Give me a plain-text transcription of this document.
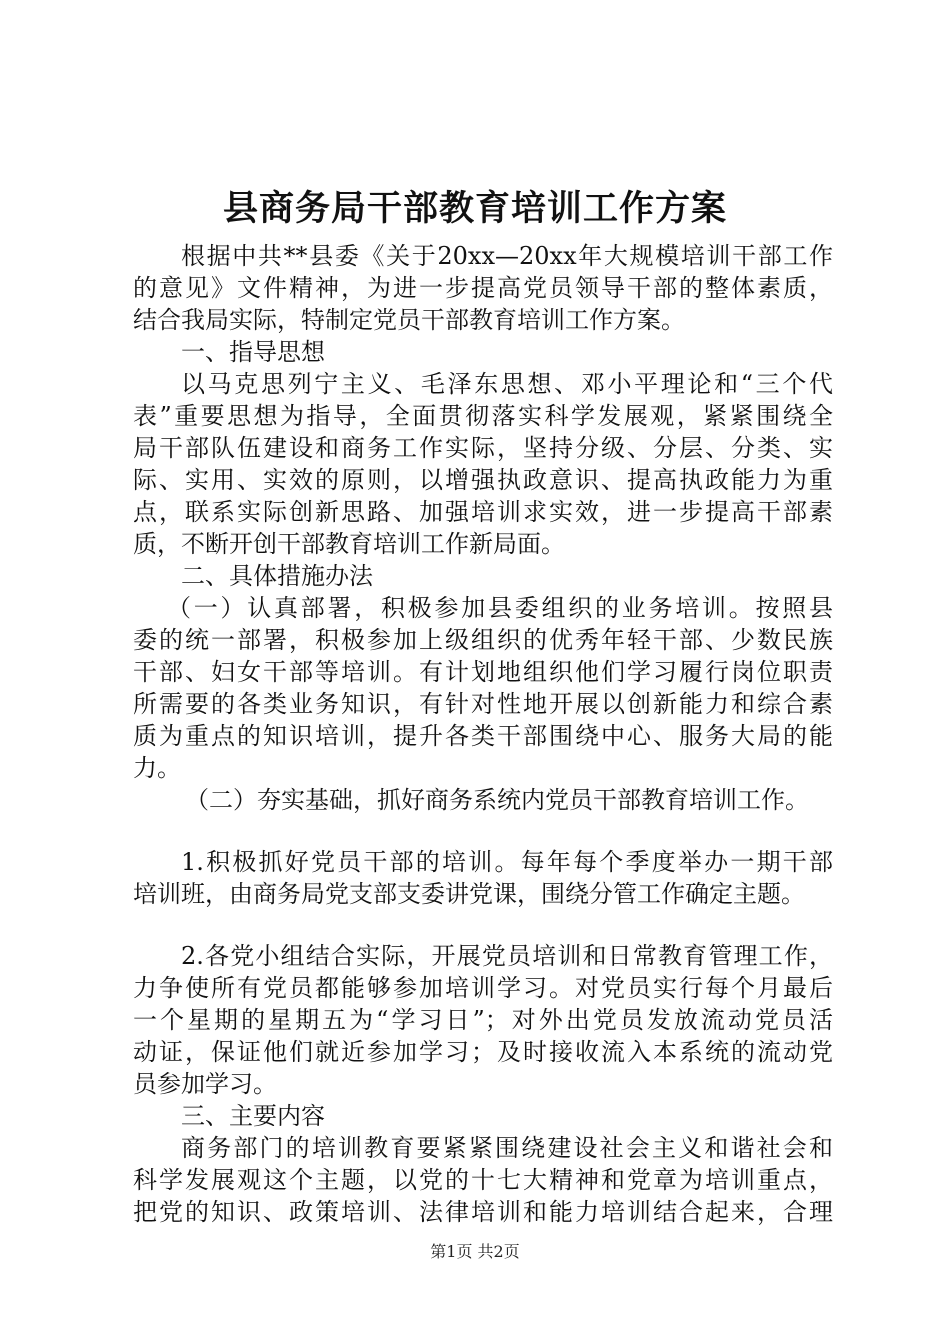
县商务局干部教育培训工作方案
根据中共**县委《关于20xx—20xx年大规模培训干部工作
的意见》文件精神，为进一步提高党员领导干部的整体素质，
结合我局实际，特制定党员干部教育培训工作方案。
一、指导思想
以马克思列宁主义、毛泽东思想、邓小平理论和“三个代
表”重要思想为指导，全面贯彻落实科学发展观，紧紧围绕全
局干部队伍建设和商务工作实际，坚持分级、分层、分类、实
际、实用、实效的原则，以增强执政意识、提高执政能力为重
点，联系实际创新思路、加强培训求实效，进一步提高干部素
质，不断开创干部教育培训工作新局面。
二、具体措施办法
（一）认真部署，积极参加县委组织的业务培训。按照县
委的统一部署，积极参加上级组织的优秀年轻干部、少数民族
干部、妇女干部等培训。有计划地组织他们学习履行岗位职责
所需要的各类业务知识，有针对性地开展以创新能力和综合素
质为重点的知识培训，提升各类干部围绕中心、服务大局的能
力。
（二）夯实基础，抓好商务系统内党员干部教育培训工作。
1.积极抓好党员干部的培训。每年每个季度举办一期干部
培训班，由商务局党支部支委讲党课，围绕分管工作确定主题。
2.各党小组结合实际，开展党员培训和日常教育管理工作，
力争使所有党员都能够参加培训学习。对党员实行每个月最后
一个星期的星期五为“学习日”；对外出党员发放流动党员活
动证，保证他们就近参加学习；及时接收流入本系统的流动党
员参加学习。
三、主要内容
商务部门的培训教育要紧紧围绕建设社会主义和谐社会和
科学发展观这个主题，以党的十七大精神和党章为培训重点，
把党的知识、政策培训、法律培训和能力培训结合起来，合理
第1页 共2页
